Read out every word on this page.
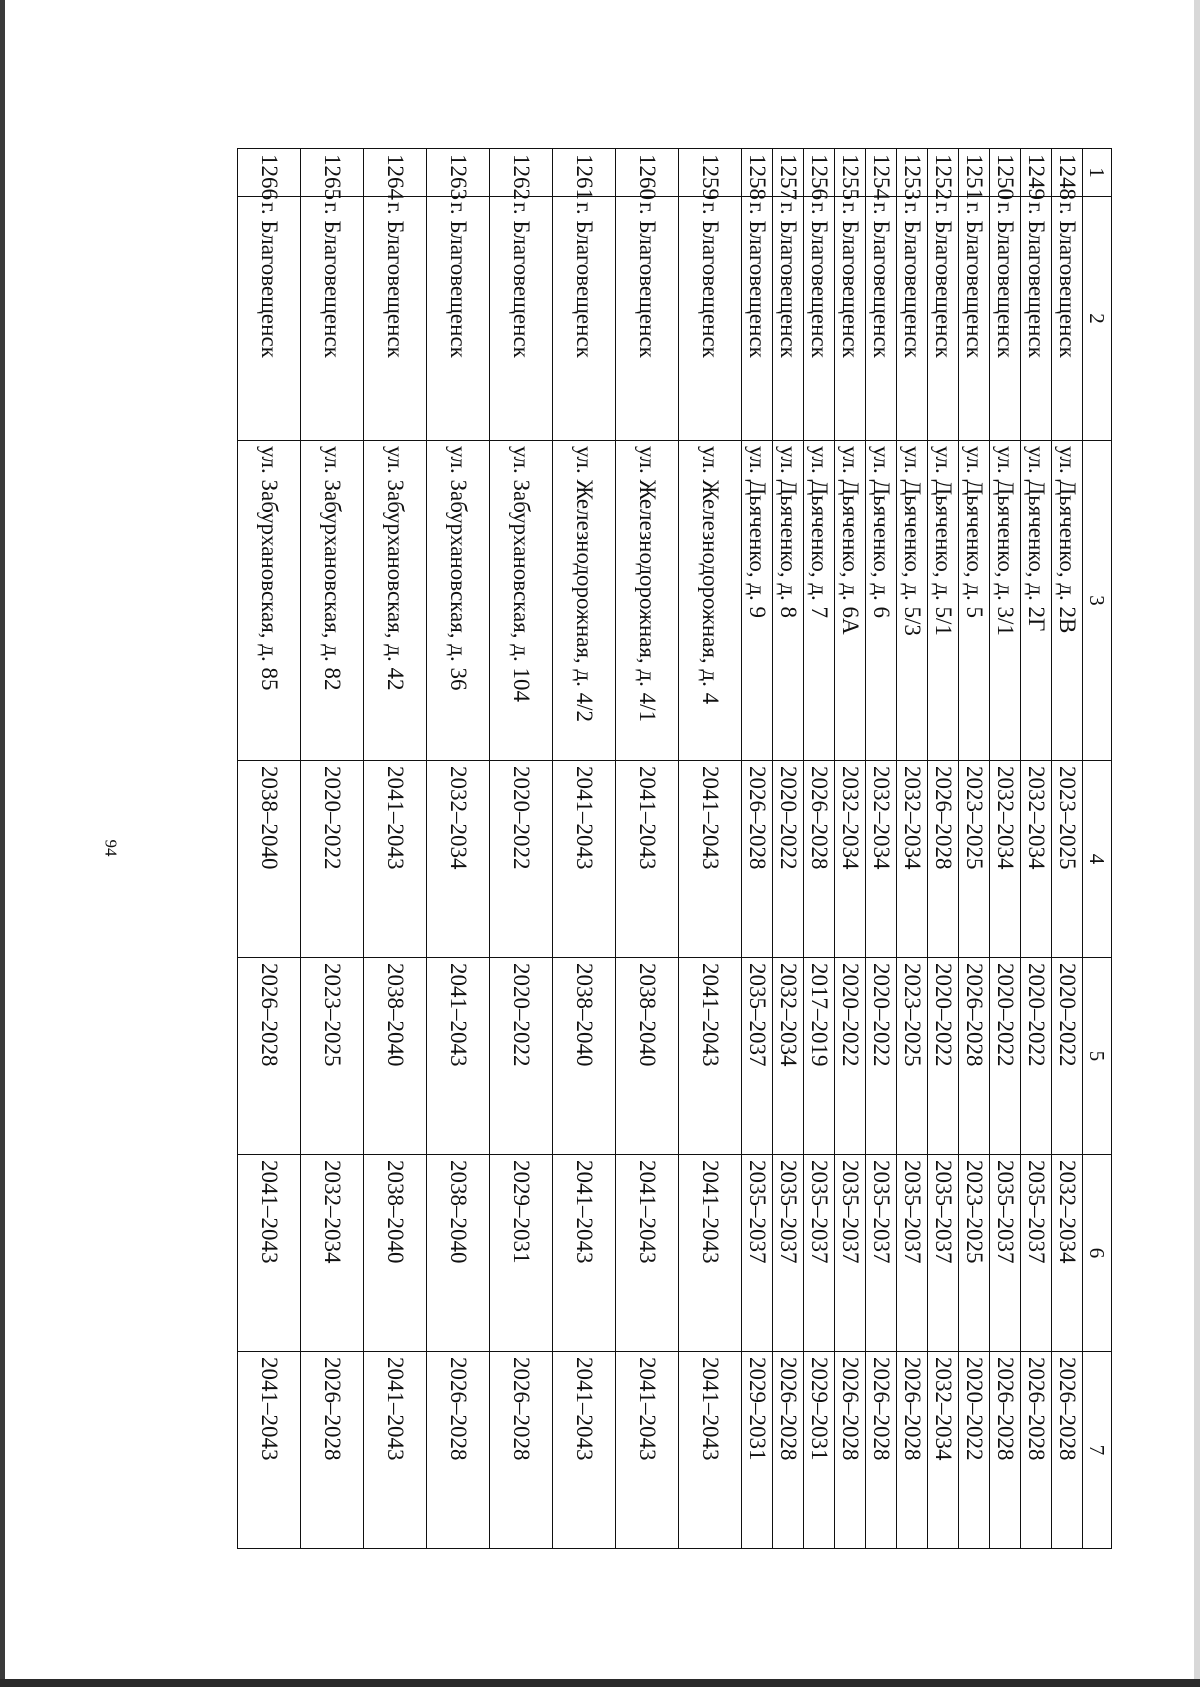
94
1	2	3	4	5	6	7
1248	г. Благовещенск	ул. Дьяченко, д. 2В	2023–2025	2020–2022	2032–2034	2026–2028
1249	г. Благовещенск	ул. Дьяченко, д. 2Г	2032–2034	2020–2022	2035–2037	2026–2028
1250	г. Благовещенск	ул. Дьяченко, д. 3/1	2032–2034	2020–2022	2035–2037	2026–2028
1251	г. Благовещенск	ул. Дьяченко, д. 5	2023–2025	2026–2028	2023–2025	2020–2022
1252	г. Благовещенск	ул. Дьяченко, д. 5/1	2026–2028	2020–2022	2035–2037	2032–2034
1253	г. Благовещенск	ул. Дьяченко, д. 5/3	2032–2034	2023–2025	2035–2037	2026–2028
1254	г. Благовещенск	ул. Дьяченко, д. 6	2032–2034	2020–2022	2035–2037	2026–2028
1255	г. Благовещенск	ул. Дьяченко, д. 6А	2032–2034	2020–2022	2035–2037	2026–2028
1256	г. Благовещенск	ул. Дьяченко, д. 7	2026–2028	2017–2019	2035–2037	2029–2031
1257	г. Благовещенск	ул. Дьяченко, д. 8	2020–2022	2032–2034	2035–2037	2026–2028
1258	г. Благовещенск	ул. Дьяченко, д. 9	2026–2028	2035–2037	2035–2037	2029–2031
1259	г. Благовещенск	ул. Железнодорожная, д. 4	2041–2043	2041–2043	2041–2043	2041–2043
1260	г. Благовещенск	ул. Железнодорожная, д. 4/1	2041–2043	2038–2040	2041–2043	2041–2043
1261	г. Благовещенск	ул. Железнодорожная, д. 4/2	2041–2043	2038–2040	2041–2043	2041–2043
1262	г. Благовещенск	ул. Забурхановская, д. 104	2020–2022	2020–2022	2029–2031	2026–2028
1263	г. Благовещенск	ул. Забурхановская, д. 36	2032–2034	2041–2043	2038–2040	2026–2028
1264	г. Благовещенск	ул. Забурхановская, д. 42	2041–2043	2038–2040	2038–2040	2041–2043
1265	г. Благовещенск	ул. Забурхановская, д. 82	2020–2022	2023–2025	2032–2034	2026–2028
1266	г. Благовещенск	ул. Забурхановская, д. 85	2038–2040	2026–2028	2041–2043	2041–2043
